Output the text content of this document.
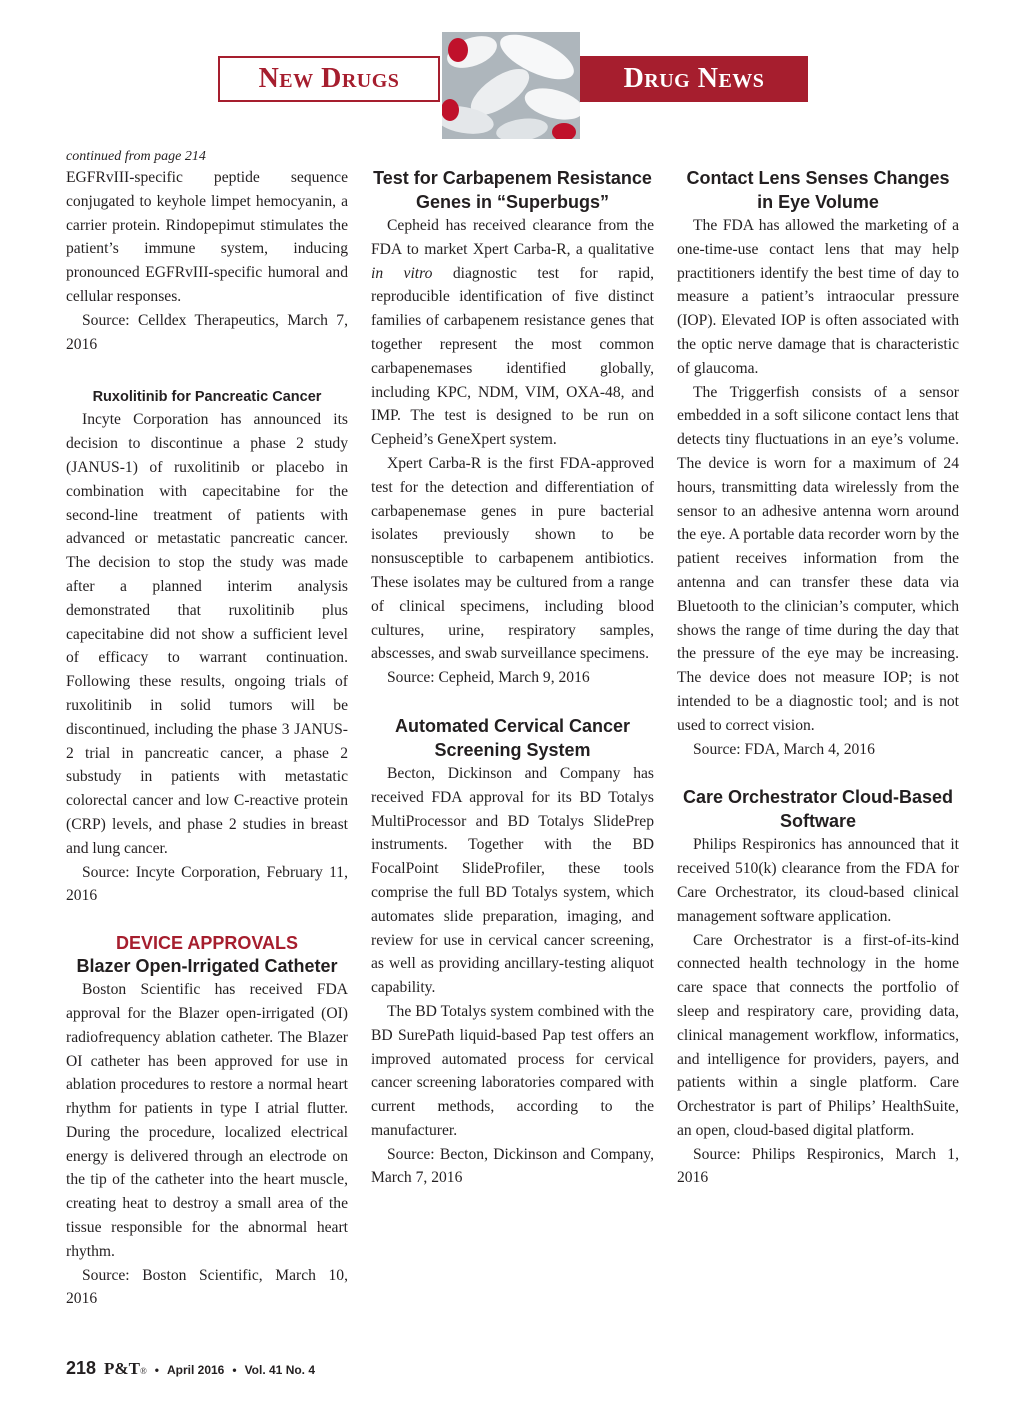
New Drugs	Drug News
continued from page 214

EGFRvIII-specific peptide sequence conjugated to keyhole limpet hemocyanin, a carrier protein. Rindopepimut stimulates the patient’s immune system, inducing pronounced EGFRvIII-specific humoral and cellular responses.

Source: Celldex Therapeutics, March 7, 2016

Ruxolitinib for Pancreatic Cancer

Incyte Corporation has announced its decision to discontinue a phase 2 study (JANUS-1) of ruxolitinib or placebo in combination with capecitabine for the second-line treatment of patients with advanced or metastatic pancreatic cancer. The decision to stop the study was made after a planned interim analysis demonstrated that ruxolitinib plus capecitabine did not show a sufficient level of efficacy to warrant continuation. Following these results, ongoing trials of ruxolitinib in solid tumors will be discontinued, including the phase 3 JANUS-2 trial in pancreatic cancer, a phase 2 substudy in patients with metastatic colorectal cancer and low C-reactive protein (CRP) levels, and phase 2 studies in breast and lung cancer.

Source: Incyte Corporation, February 11, 2016

DEVICE APPROVALS
Blazer Open-Irrigated Catheter

Boston Scientific has received FDA approval for the Blazer open-irrigated (OI) radiofrequency ablation catheter. The Blazer OI catheter has been approved for use in ablation procedures to restore a normal heart rhythm for patients in type I atrial flutter. During the procedure, localized electrical energy is delivered through an electrode on the tip of the catheter into the heart muscle, creating heat to destroy a small area of the tissue responsible for the abnormal heart rhythm.

Source: Boston Scientific, March 10, 2016

Test for Carbapenem Resistance Genes in “Superbugs”

Cepheid has received clearance from the FDA to market Xpert Carba-R, a qualitative in vitro diagnostic test for rapid, reproducible identification of five distinct families of carbapenem resistance genes that together represent the most common carbapenemases identified globally, including KPC, NDM, VIM, OXA-48, and IMP. The test is designed to be run on Cepheid’s GeneXpert system.

Xpert Carba-R is the first FDA-approved test for the detection and differentiation of carbapenemase genes in pure bacterial isolates previously shown to be nonsusceptible to carbapenem antibiotics. These isolates may be cultured from a range of clinical specimens, including blood cultures, urine, respiratory samples, abscesses, and swab surveillance specimens.

Source: Cepheid, March 9, 2016

Automated Cervical Cancer Screening System

Becton, Dickinson and Company has received FDA approval for its BD Totalys MultiProcessor and BD Totalys SlidePrep instruments. Together with the BD FocalPoint SlideProfiler, these tools comprise the full BD Totalys system, which automates slide preparation, imaging, and review for use in cervical cancer screening, as well as providing ancillary-testing aliquot capability.

The BD Totalys system combined with the BD SurePath liquid-based Pap test offers an improved automated process for cervical cancer screening laboratories compared with current methods, according to the manufacturer.

Source: Becton, Dickinson and Company, March 7, 2016

Contact Lens Senses Changes in Eye Volume

The FDA has allowed the marketing of a one-time-use contact lens that may help practitioners identify the best time of day to measure a patient’s intraocular pressure (IOP). Elevated IOP is often associated with the optic nerve damage that is characteristic of glaucoma.

The Triggerfish consists of a sensor embedded in a soft silicone contact lens that detects tiny fluctuations in an eye’s volume. The device is worn for a maximum of 24 hours, transmitting data wirelessly from the sensor to an adhesive antenna worn around the eye. A portable data recorder worn by the patient receives information from the antenna and can transfer these data via Bluetooth to the clinician’s computer, which shows the range of time during the day that the pressure of the eye may be increasing. The device does not measure IOP; is not intended to be a diagnostic tool; and is not used to correct vision.

Source: FDA, March 4, 2016

Care Orchestrator Cloud-Based Software

Philips Respironics has announced that it received 510(k) clearance from the FDA for Care Orchestrator, its cloud-based clinical management software application.

Care Orchestrator is a first-of-its-kind connected health technology in the home care space that connects the portfolio of sleep and respiratory care, providing data, clinical management workflow, informatics, and intelligence for providers, payers, and patients within a single platform. Care Orchestrator is part of Philips’ HealthSuite, an open, cloud-based digital platform.

Source: Philips Respironics, March 1, 2016

218 P&T® • April 2016 • Vol. 41 No. 4
